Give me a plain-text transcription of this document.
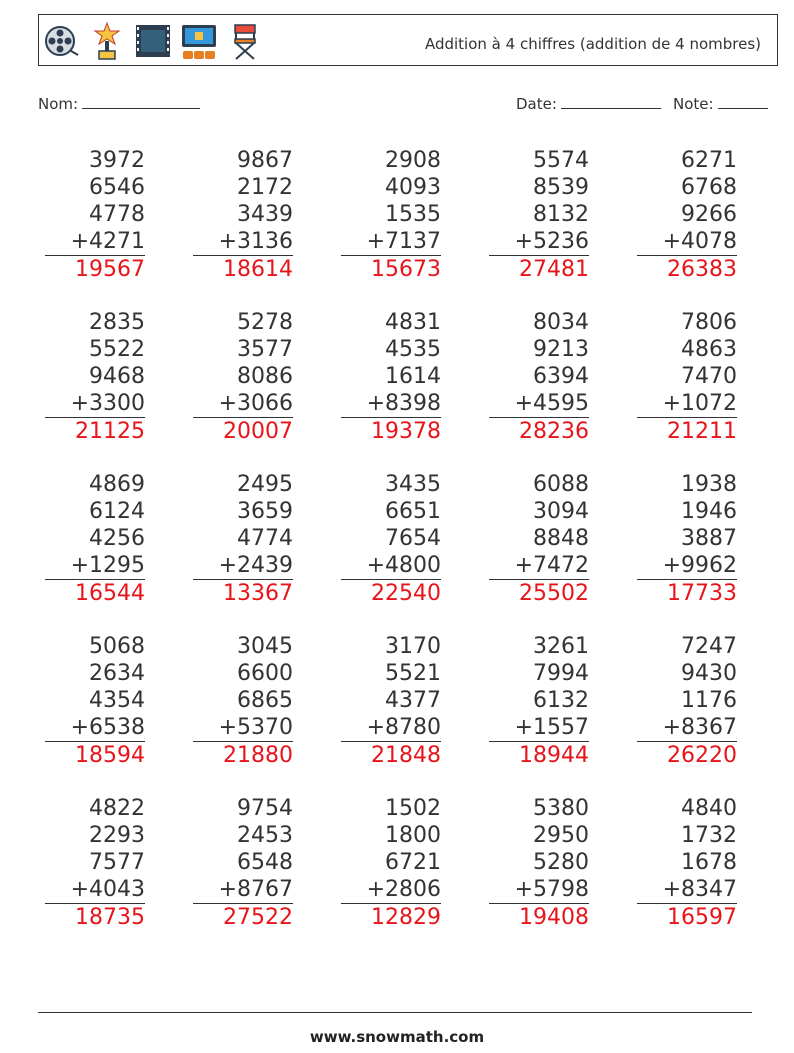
Addition à 4 chiffres (addition de 4 nombres)
Nom:	Date:	Note:
3972
6546
4778
+4271
19567
9867
2172
3439
+3136
18614
2908
4093
1535
+7137
15673
5574
8539
8132
+5236
27481
6271
6768
9266
+4078
26383
2835
5522
9468
+3300
21125
5278
3577
8086
+3066
20007
4831
4535
1614
+8398
19378
8034
9213
6394
+4595
28236
7806
4863
7470
+1072
21211
4869
6124
4256
+1295
16544
2495
3659
4774
+2439
13367
3435
6651
7654
+4800
22540
6088
3094
8848
+7472
25502
1938
1946
3887
+9962
17733
5068
2634
4354
+6538
18594
3045
6600
6865
+5370
21880
3170
5521
4377
+8780
21848
3261
7994
6132
+1557
18944
7247
9430
1176
+8367
26220
4822
2293
7577
+4043
18735
9754
2453
6548
+8767
27522
1502
1800
6721
+2806
12829
5380
2950
5280
+5798
19408
4840
1732
1678
+8347
16597
www.snowmath.com
